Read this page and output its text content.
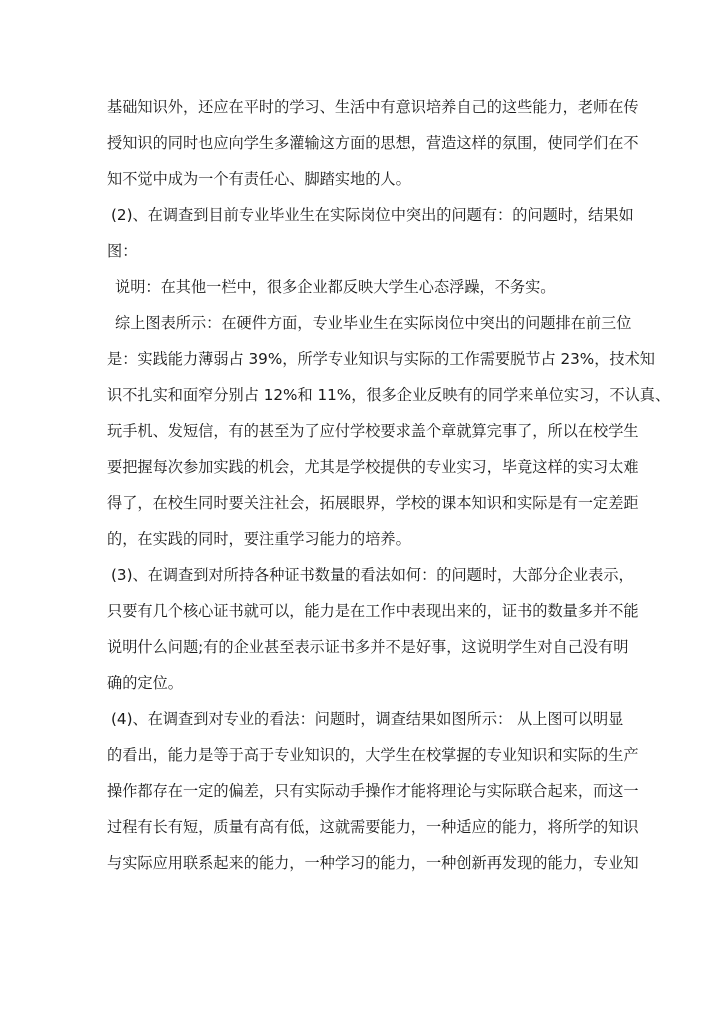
基础知识外，还应在平时的学习、生活中有意识培养自己的这些能力，老师在传
授知识的同时也应向学生多灌输这方面的思想，营造这样的氛围，使同学们在不
知不觉中成为一个有责任心、脚踏实地的人。
(2)、在调查到目前专业毕业生在实际岗位中突出的问题有：的问题时，结果如
图：
说明：在其他一栏中，很多企业都反映大学生心态浮躁，不务实。
综上图表所示：在硬件方面，专业毕业生在实际岗位中突出的问题排在前三位
是：实践能力薄弱占 39%，所学专业知识与实际的工作需要脱节占 23%，技术知
识不扎实和面窄分别占 12%和 11%，很多企业反映有的同学来单位实习，不认真、
玩手机、发短信，有的甚至为了应付学校要求盖个章就算完事了，所以在校学生
要把握每次参加实践的机会，尤其是学校提供的专业实习，毕竟这样的实习太难
得了，在校生同时要关注社会，拓展眼界，学校的课本知识和实际是有一定差距
的，在实践的同时，要注重学习能力的培养。
(3)、在调查到对所持各种证书数量的看法如何：的问题时，大部分企业表示，
只要有几个核心证书就可以，能力是在工作中表现出来的，证书的数量多并不能
说明什么问题;有的企业甚至表示证书多并不是好事，这说明学生对自己没有明
确的定位。
(4)、在调查到对专业的看法：问题时，调查结果如图所示： 从上图可以明显
的看出，能力是等于高于专业知识的，大学生在校掌握的专业知识和实际的生产
操作都存在一定的偏差，只有实际动手操作才能将理论与实际联合起来，而这一
过程有长有短，质量有高有低，这就需要能力，一种适应的能力，将所学的知识
与实际应用联系起来的能力，一种学习的能力，一种创新再发现的能力，专业知
